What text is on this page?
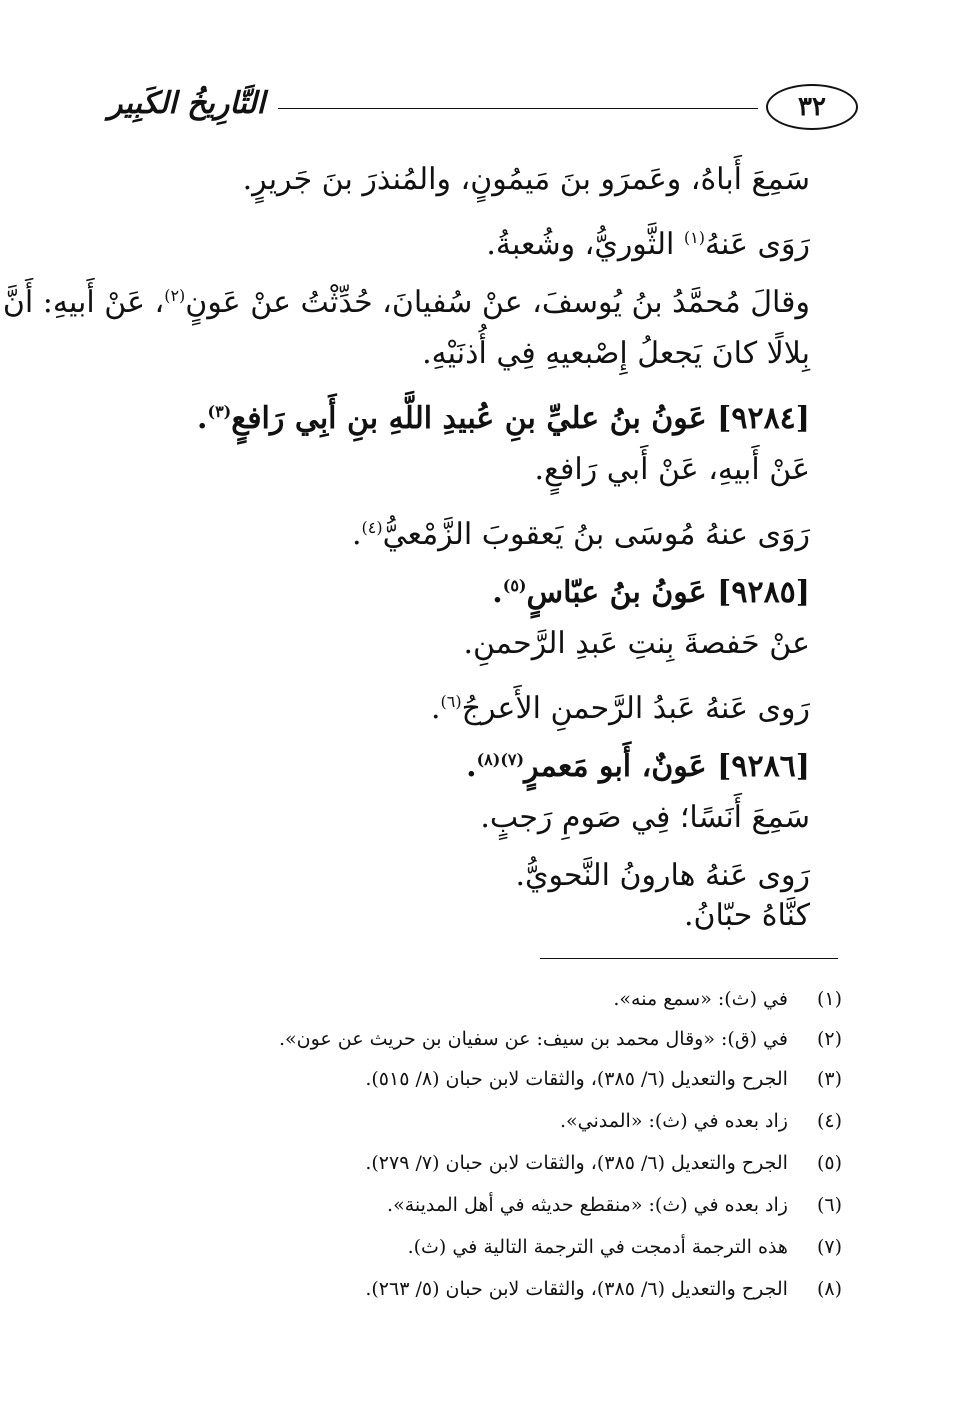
٣٢
التَّارِيخُ الكَبِير
سَمِعَ أَباهُ، وعَمرَو بنَ مَيمُونٍ، والمُنذرَ بنَ جَريرٍ.
رَوَى عَنهُ$^{(١)}$ الثَّوريُّ، وشُعبةُ.
وقالَ مُحمَّدُ بنُ يُوسفَ، عنْ سُفيانَ، حُدِّثْتُ عنْ عَونٍ$^{(٢)}$، عَنْ أَبيهِ: أَنَّ
بِلالًا كانَ يَجعلُ إِصْبعيهِ فِي أُذنَيْهِ.
[٩٢٨٤] عَونُ بنُ عليِّ بنِ عُبيدِ اللَّهِ بنِ أَبِي رَافعٍ$^{(٣)}$.
عَنْ أَبيهِ، عَنْ أَبي رَافعٍ.
رَوَى عنهُ مُوسَى بنُ يَعقوبَ الزَّمْعيُّ$^{(٤)}$.
[٩٢٨٥] عَونُ بنُ عبّاسٍ$^{(٥)}$.
عنْ حَفصةَ بِنتِ عَبدِ الرَّحمنِ.
رَوى عَنهُ عَبدُ الرَّحمنِ الأَعرجُ$^{(٦)}$.
[٩٢٨٦] عَونٌ، أَبو مَعمرٍ$^{(٧)(٨)}$.
سَمِعَ أَنَسًا؛ فِي صَومِ رَجبٍ.
رَوى عَنهُ هارونُ النَّحويُّ.
كنَّاهُ حبّانُ.
(١) في (ث): «سمع منه».
(٢) في (ق): «وقال محمد بن سيف: عن سفيان بن حريث عن عون».
(٣) الجرح والتعديل (٦/ ٣٨٥)، والثقات لابن حبان (٨/ ٥١٥).
(٤) زاد بعده في (ث): «المدني».
(٥) الجرح والتعديل (٦/ ٣٨٥)، والثقات لابن حبان (٧/ ٢٧٩).
(٦) زاد بعده في (ث): «منقطع حديثه في أهل المدينة».
(٧) هذه الترجمة أدمجت في الترجمة التالية في (ث).
(٨) الجرح والتعديل (٦/ ٣٨٥)، والثقات لابن حبان (٥/ ٢٦٣).
